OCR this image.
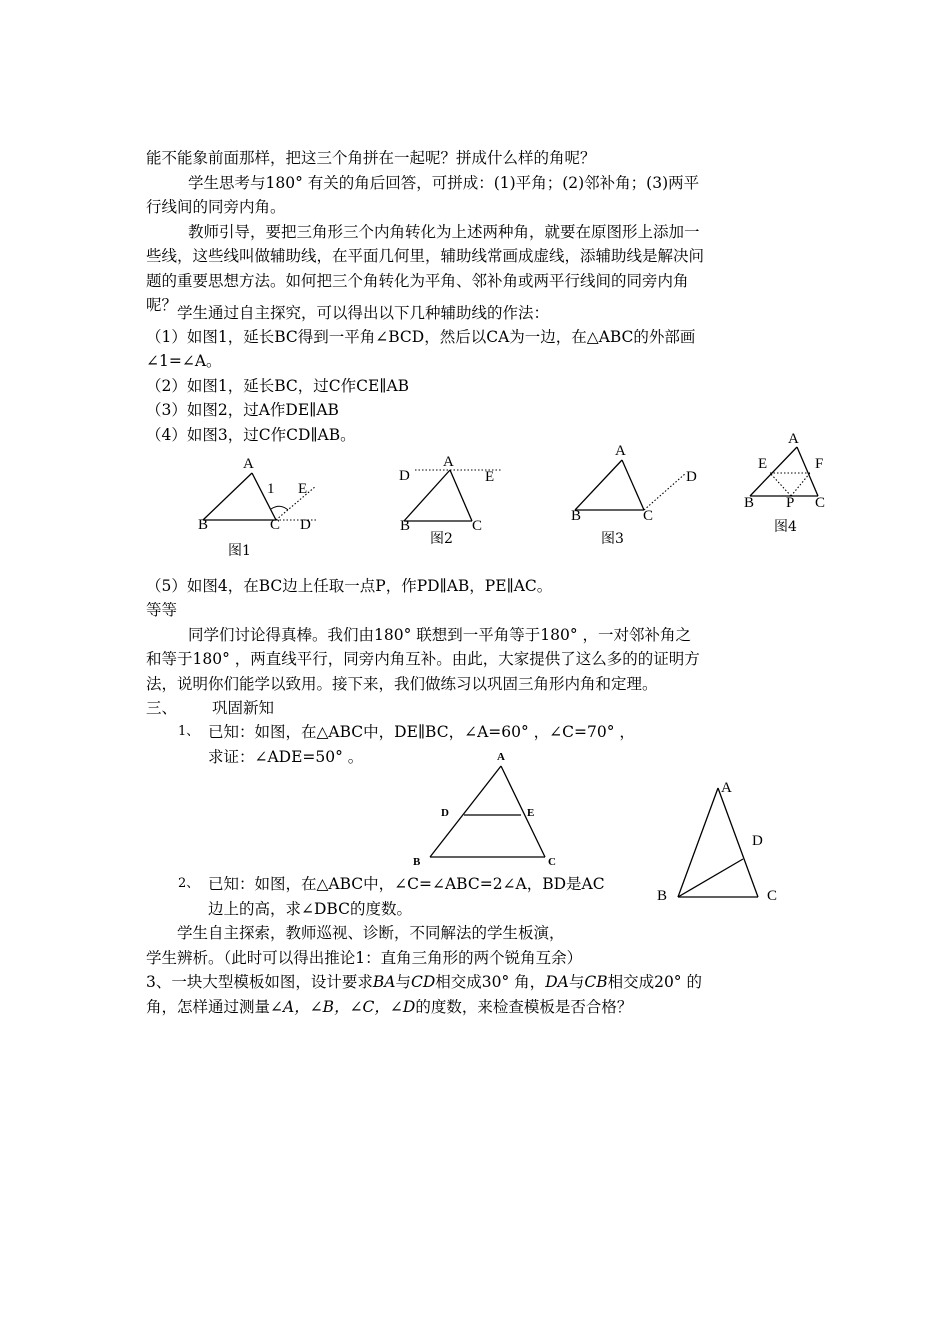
能不能象前面那样，把这三个角拼在一起呢？拼成什么样的角呢？
学生思考与180° 有关的角后回答，可拼成：(1)平角；(2)邻补角；(3)两平
行线间的同旁内角。
教师引导，要把三角形三个内角转化为上述两种角，就要在原图形上添加一
些线，这些线叫做辅助线，在平面几何里，辅助线常画成虚线，添辅助线是解决问
题的重要思想方法。如何把三个角转化为平角、邻补角或两平行线间的同旁内角
呢？ 学生通过自主探究，可以得出以下几种辅助线的作法：
（1）如图1，延长BC得到一平角∠BCD，然后以CA为一边，在△ABC的外部画
∠1=∠A。
（2）如图1，延长BC，过C作CE∥AB
（3）如图2，过A作DE∥AB
（4）如图3，过C作CD∥AB。
A
1 E
B	C D
图1
A
D	E
B	C
图2
A
D
B	C
图3
A
E	F
B P C
图4
（5）如图4，在BC边上任取一点P，作PD∥AB，PE∥AC。
等等
同学们讨论得真棒。我们由180° 联想到一平角等于180° ，一对邻补角之
和等于180° ，两直线平行，同旁内角互补。由此，大家提供了这么多的的证明方
法，说明你们能学以致用。接下来，我们做练习以巩固三角形内角和定理。
三、 巩固新知
1、 已知：如图，在△ABC中，DE∥BC，∠A=60° ，∠C=70° ，
求证：∠ADE=50° 。	A
D	E
B	C
A
D
B	C
2、 已知：如图，在△ABC中，∠C=∠ABC=2∠A，BD是AC
边上的高，求∠DBC的度数。
学生自主探索，教师巡视、诊断，不同解法的学生板演，
学生辨析。（此时可以得出推论1：直角三角形的两个锐角互余）
3、一块大型模板如图，设计要求BA与CD相交成30° 角，DA与CB相交成20° 的
角，怎样通过测量∠A，∠B，∠C，∠D的度数，来检查模板是否合格？
